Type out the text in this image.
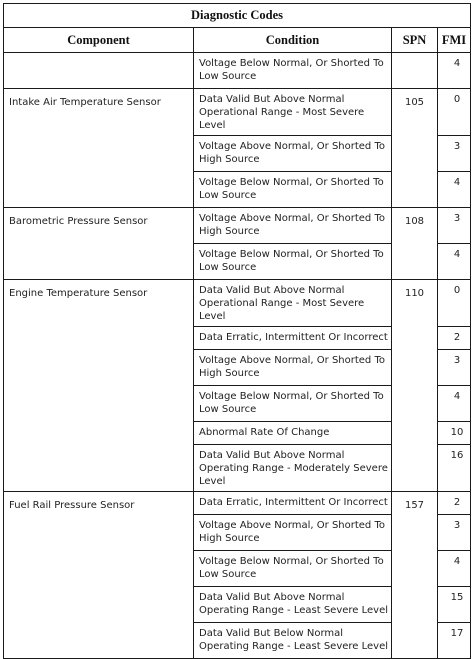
Diagnostic Codes			
Component	Condition	SPN	FMI
	Voltage Below Normal, Or Shorted To Low Source		4
Intake Air Temperature Sensor	Data Valid But Above Normal Operational Range - Most Severe Level	105	0
	Voltage Above Normal, Or Shorted To High Source		3
	Voltage Below Normal, Or Shorted To Low Source		4
Barometric Pressure Sensor	Voltage Above Normal, Or Shorted To High Source	108	3
	Voltage Below Normal, Or Shorted To Low Source		4
Engine Temperature Sensor	Data Valid But Above Normal Operational Range - Most Severe Level	110	0
	Data Erratic, Intermittent Or Incorrect		2
	Voltage Above Normal, Or Shorted To High Source		3
	Voltage Below Normal, Or Shorted To Low Source		4
	Abnormal Rate Of Change		10
	Data Valid But Above Normal Operating Range - Moderately Severe Level		16
Fuel Rail Pressure Sensor	Data Erratic, Intermittent Or Incorrect	157	2
	Voltage Above Normal, Or Shorted To High Source		3
	Voltage Below Normal, Or Shorted To Low Source		4
	Data Valid But Above Normal Operating Range - Least Severe Level		15
	Data Valid But Below Normal Operating Range - Least Severe Level		17
